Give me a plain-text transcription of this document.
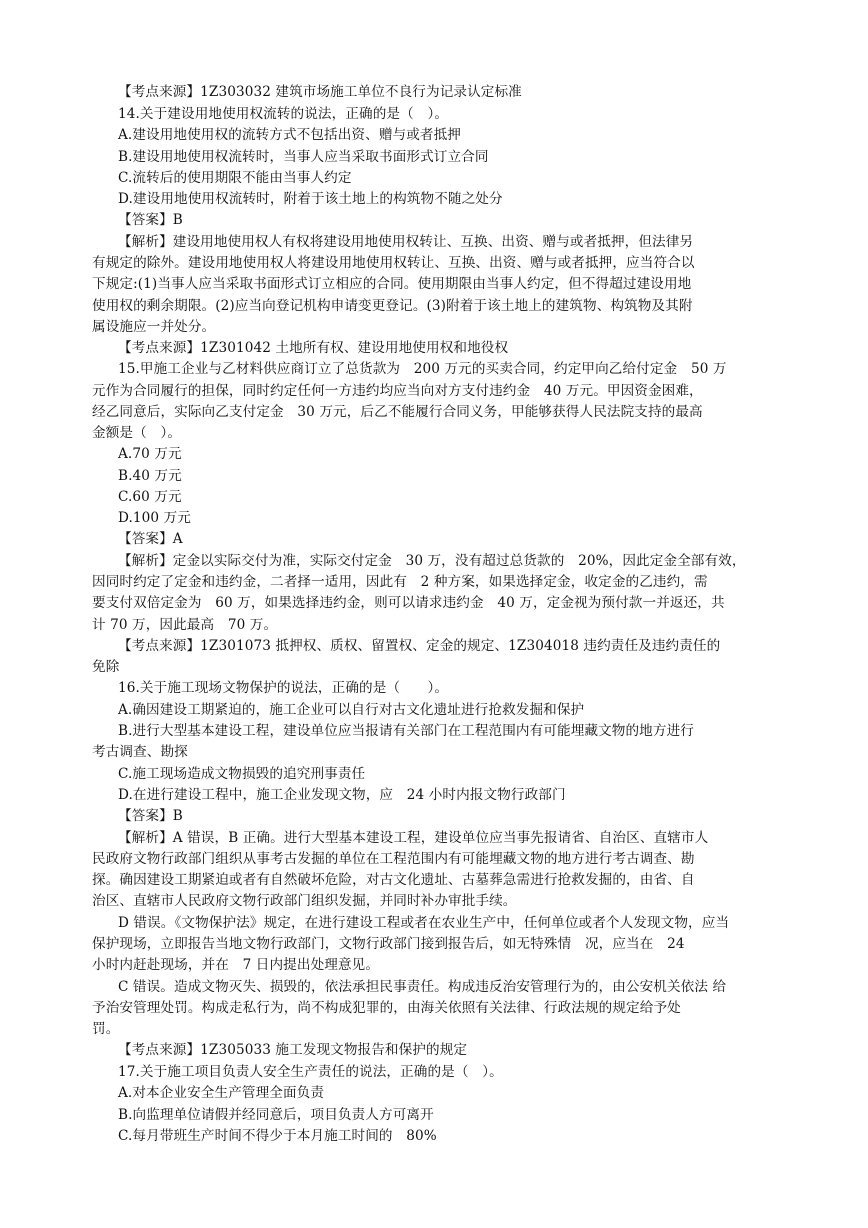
【考点来源】1Z303032 建筑市场施工单位不良行为记录认定标准
14.关于建设用地使用权流转的说法，正确的是（　）。
A.建设用地使用权的流转方式不包括出资、赠与或者抵押
B.建设用地使用权流转时，当事人应当采取书面形式订立合同
C.流转后的使用期限不能由当事人约定
D.建设用地使用权流转时，附着于该土地上的构筑物不随之处分
【答案】B
【解析】建设用地使用权人有权将建设用地使用权转让、互换、出资、赠与或者抵押，但法律另
有规定的除外。建设用地使用权人将建设用地使用权转让、互换、出资、赠与或者抵押，应当符合以
下规定:(1)当事人应当采取书面形式订立相应的合同。使用期限由当事人约定，但不得超过建设用地
使用权的剩余期限。(2)应当向登记机构申请变更登记。(3)附着于该土地上的建筑物、构筑物及其附
属设施应一并处分。
【考点来源】1Z301042 土地所有权、建设用地使用权和地役权
15.甲施工企业与乙材料供应商订立了总货款为　200 万元的买卖合同，约定甲向乙给付定金　50 万
元作为合同履行的担保，同时约定任何一方违约均应当向对方支付违约金　40 万元。甲因资金困难，
经乙同意后，实际向乙支付定金　30 万元，后乙不能履行合同义务，甲能够获得人民法院支持的最高
金额是（　）。
A.70 万元
B.40 万元
C.60 万元
D.100 万元
【答案】A
【解析】定金以实际交付为准，实际交付定金　30 万，没有超过总货款的　20%，因此定金全部有效，
因同时约定了定金和违约金，二者择一适用，因此有　2 种方案，如果选择定金，收定金的乙违约，需
要支付双倍定金为　60 万，如果选择违约金，则可以请求违约金　40 万，定金视为预付款一并返还，共
计 70 万，因此最高　70 万。
【考点来源】1Z301073 抵押权、质权、留置权、定金的规定、1Z304018 违约责任及违约责任的
免除
16.关于施工现场文物保护的说法，正确的是（　　）。
A.确因建设工期紧迫的，施工企业可以自行对古文化遗址进行抢救发掘和保护
B.进行大型基本建设工程，建设单位应当报请有关部门在工程范围内有可能埋藏文物的地方进行
考古调查、勘探
C.施工现场造成文物损毁的追究刑事责任
D.在进行建设工程中，施工企业发现文物，应　24 小时内报文物行政部门
【答案】B
【解析】A 错误，B 正确。进行大型基本建设工程，建设单位应当事先报请省、自治区、直辖市人
民政府文物行政部门组织从事考古发掘的单位在工程范围内有可能埋藏文物的地方进行考古调查、勘
探。确因建设工期紧迫或者有自然破坏危险，对古文化遗址、古墓葬急需进行抢救发掘的，由省、自
治区、直辖市人民政府文物行政部门组织发掘，并同时补办审批手续。
D 错误。《文物保护法》规定，在进行建设工程或者在农业生产中，任何单位或者个人发现文物，应当
保护现场，立即报告当地文物行政部门，文物行政部门接到报告后，如无特殊情　况，应当在　24
小时内赶赴现场，并在　7 日内提出处理意见。
C 错误。造成文物灭失、损毁的，依法承担民事责任。构成违反治安管理行为的，由公安机关依法 给
予治安管理处罚。构成走私行为，尚不构成犯罪的，由海关依照有关法律、行政法规的规定给予处
罚。
【考点来源】1Z305033 施工发现文物报告和保护的规定
17.关于施工项目负责人安全生产责任的说法，正确的是（　）。
A.对本企业安全生产管理全面负责
B.向监理单位请假并经同意后，项目负责人方可离开
C.每月带班生产时间不得少于本月施工时间的　80%
